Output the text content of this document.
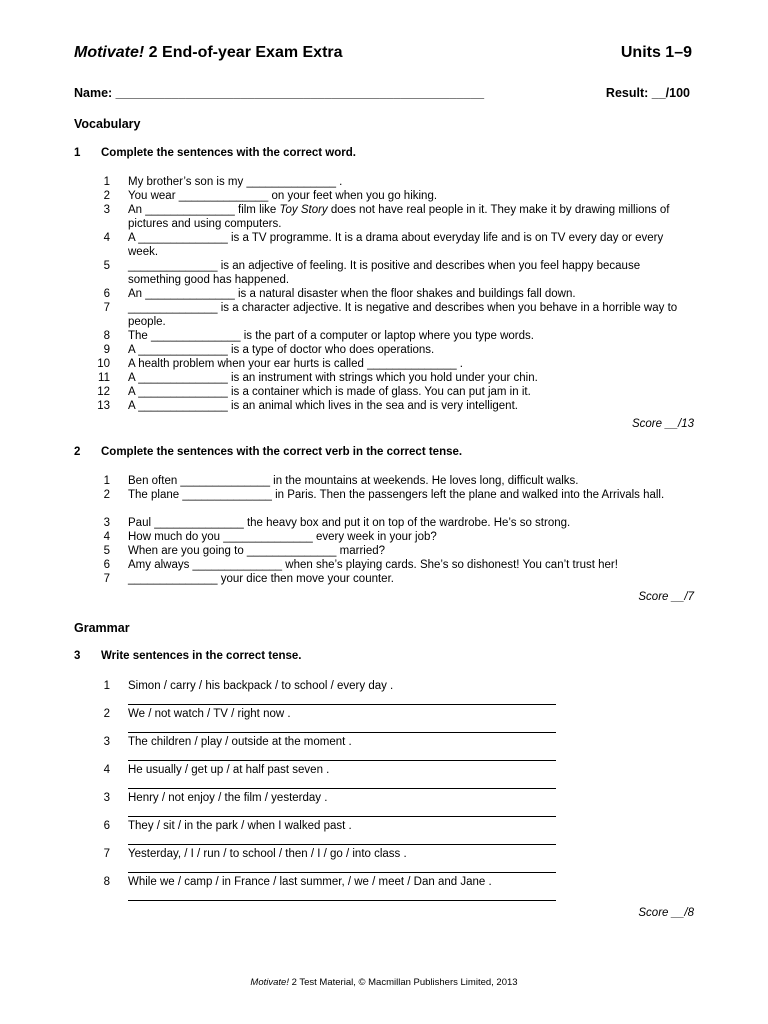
Motivate! 2 End-of-year Exam Extra	Units 1–9
Name: _____________________________________________________	Result: __/100
Vocabulary
1 Complete the sentences with the correct word.
1 My brother’s son is my ______________ .
2 You wear ______________ on your feet when you go hiking.
3 An ______________ film like Toy Story does not have real people in it. They make it by drawing millions of pictures and using computers.
4 A ______________ is a TV programme. It is a drama about everyday life and is on TV every day or every week.
5 ______________ is an adjective of feeling. It is positive and describes when you feel happy because something good has happened.
6 An ______________ is a natural disaster when the floor shakes and buildings fall down.
7 ______________ is a character adjective. It is negative and describes when you behave in a horrible way to people.
8 The ______________ is the part of a computer or laptop where you type words.
9 A ______________ is a type of doctor who does operations.
10 A health problem when your ear hurts is called ______________ .
11 A ______________ is an instrument with strings which you hold under your chin.
12 A ______________ is a container which is made of glass. You can put jam in it.
13 A ______________ is an animal which lives in the sea and is very intelligent.
Score __/13
2 Complete the sentences with the correct verb in the correct tense.
1 Ben often ______________ in the mountains at weekends. He loves long, difficult walks.
2 The plane ______________ in Paris. Then the passengers left the plane and walked into the Arrivals hall.
3 Paul ______________ the heavy box and put it on top of the wardrobe. He’s so strong.
4 How much do you ______________ every week in your job?
5 When are you going to ______________ married?
6 Amy always ______________ when she’s playing cards. She’s so dishonest! You can’t trust her!
7 ______________ your dice then move your counter.
Score __/7
Grammar
3 Write sentences in the correct tense.
1 Simon / carry / his backpack / to school / every day .
2 We / not watch / TV / right now .
3 The children / play / outside at the moment .
4 He usually / get up / at half past seven .
3 Henry / not enjoy / the film / yesterday .
6 They / sit / in the park / when I walked past .
7 Yesterday, / I / run / to school / then / I / go / into class .
8 While we / camp / in France / last summer, / we / meet / Dan and Jane .
Score __/8
Motivate! 2 Test Material, © Macmillan Publishers Limited, 2013
